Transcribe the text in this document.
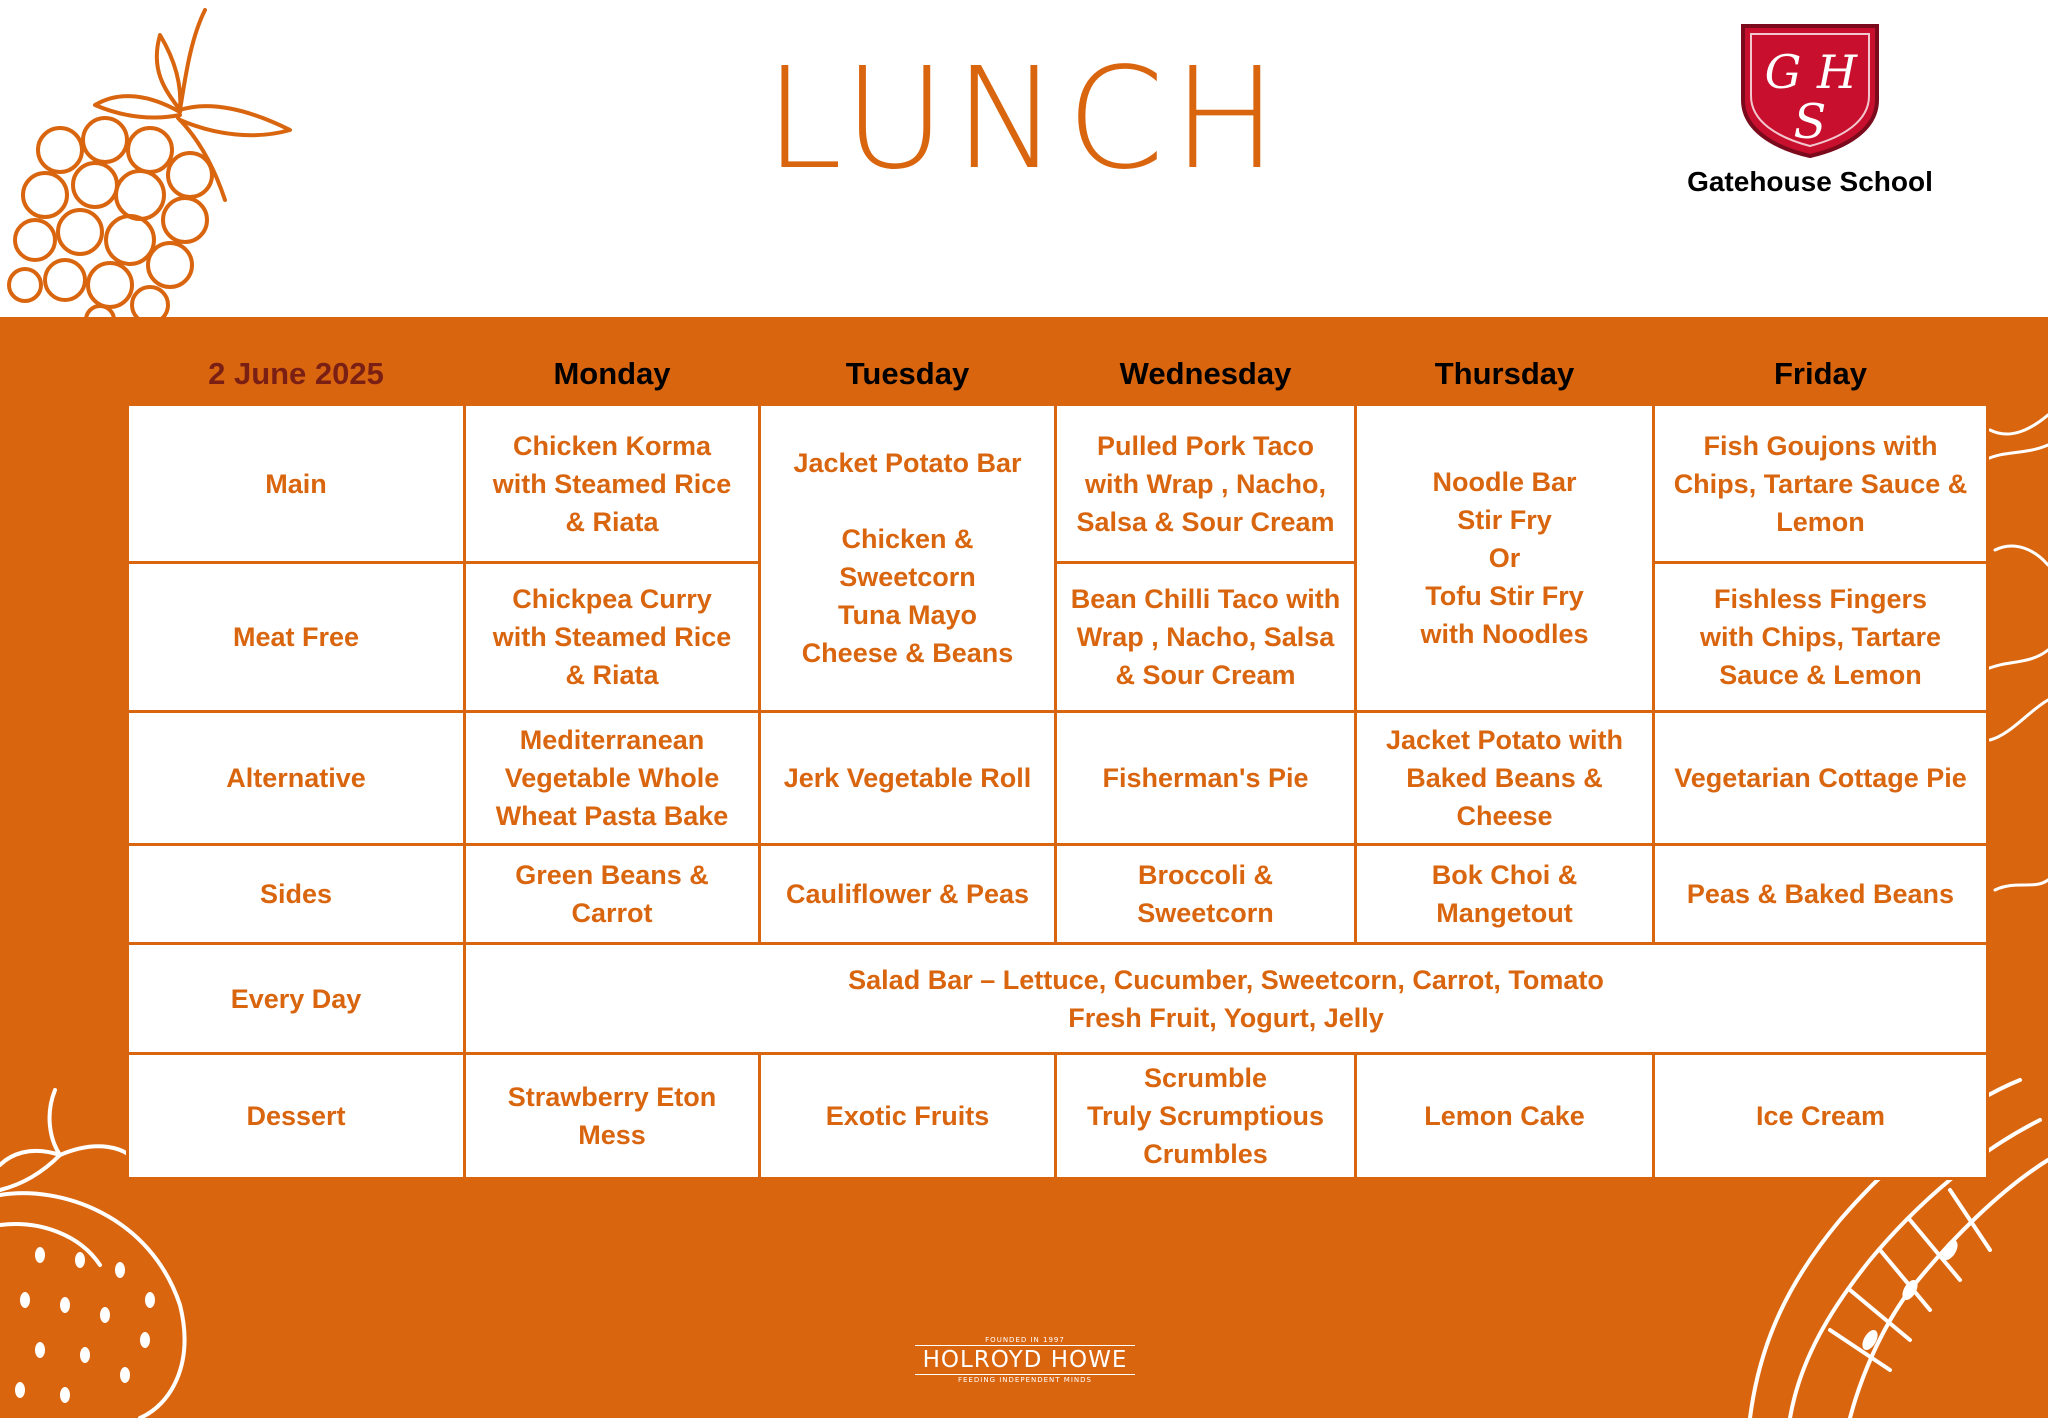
LUNCH	G H
S
Gatehouse School
2 June 2025	Monday	Tuesday	Wednesday	Thursday	Friday
Main	Chicken Korma
with Steamed Rice
& Riata	Jacket Potato Bar

Chicken &
Sweetcorn
Tuna Mayo
Cheese & Beans	Pulled Pork Taco
with Wrap , Nacho,
Salsa & Sour Cream	Noodle Bar
Stir Fry
Or
Tofu Stir Fry
with Noodles	Fish Goujons with
Chips, Tartare Sauce &
Lemon
Meat Free	Chickpea Curry
with Steamed Rice
& Riata		Bean Chilli Taco with
Wrap , Nacho, Salsa
& Sour Cream		Fishless Fingers
with Chips, Tartare
Sauce & Lemon
Alternative	Mediterranean
Vegetable Whole
Wheat Pasta Bake	Jerk Vegetable Roll	Fisherman's Pie	Jacket Potato with
Baked Beans &
Cheese	Vegetarian Cottage Pie
Sides	Green Beans &
Carrot	Cauliflower & Peas	Broccoli &
Sweetcorn	Bok Choi &
Mangetout	Peas & Baked Beans
Every Day	Salad Bar – Lettuce, Cucumber, Sweetcorn, Carrot, Tomato
Fresh Fruit, Yogurt, Jelly				
Dessert	Strawberry Eton
Mess	Exotic Fruits	Scrumble
Truly Scrumptious
Crumbles	Lemon Cake	Ice Cream
FOUNDED IN 1997
HOLROYD HOWE
FEEDING INDEPENDENT MINDS
